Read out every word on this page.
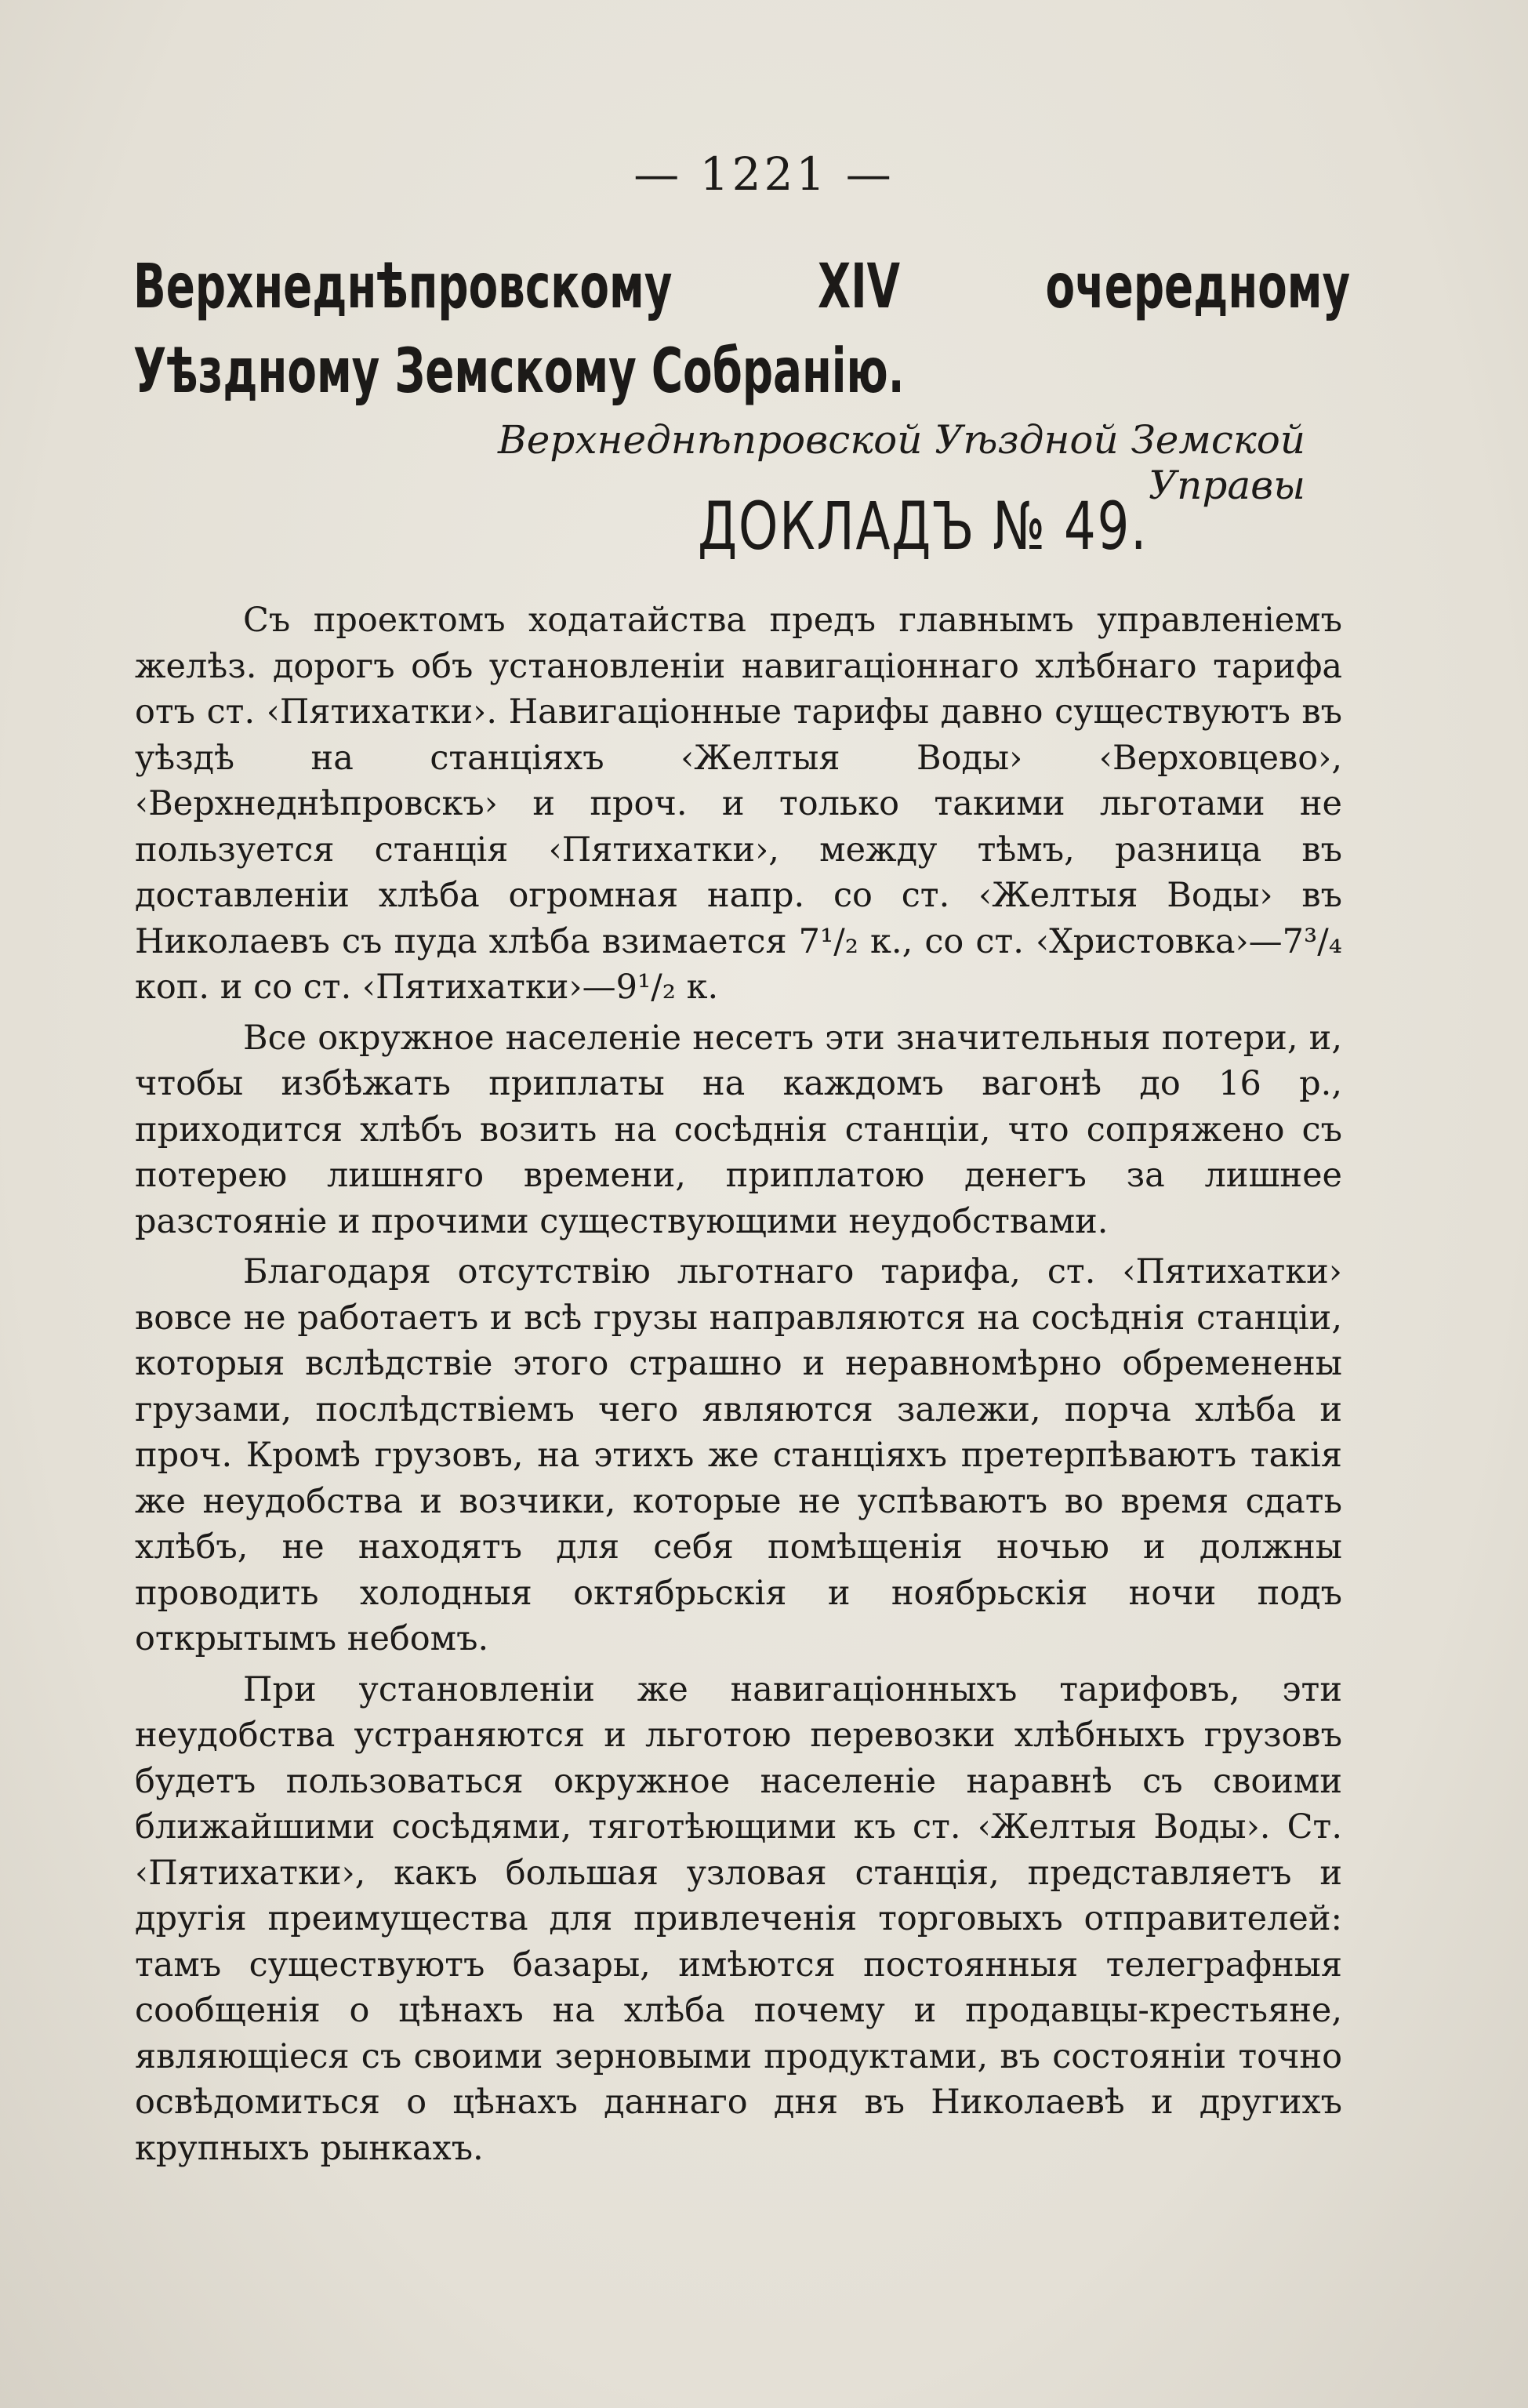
— 1221 —
Верхнеднѣпровскому XIV очередному Уѣздному Земскому Собранію.
Верхнеднѣпровской Уѣздной Земской Управы
ДОКЛАДЪ № 49.

Съ проектомъ ходатайства предъ главнымъ управленіемъ желѣз. дорогъ объ установленіи навигаціоннаго хлѣбнаго тарифа отъ ст. ‹Пятихатки›. Навигаціонные тарифы давно существуютъ въ уѣздѣ на станціяхъ ‹Желтыя Воды› ‹Верховцево›, ‹Верхнеднѣпровскъ› и проч. и только такими льготами не пользуется станція ‹Пятихатки›, между тѣмъ, разница въ доставленіи хлѣба огромная напр. со ст. ‹Желтыя Воды› въ Николаевъ съ пуда хлѣба взимается 7¹/₂ к., со ст. ‹Христовка›—7³/₄ коп. и со ст. ‹Пятихатки›—9¹/₂ к.

Все окружное населеніе несетъ эти значительныя потери, и, чтобы избѣжать приплаты на каждомъ вагонѣ до 16 р., приходится хлѣбъ возить на сосѣднія станціи, что сопряжено съ потерею лишняго времени, приплатою денегъ за лишнее разстояніе и прочими существующими неудобствами.

Благодаря отсутствію льготнаго тарифа, ст. ‹Пятихатки› вовсе не работаетъ и всѣ грузы направляются на сосѣднія станціи, которыя вслѣдствіе этого страшно и неравномѣрно обременены грузами, послѣдствіемъ чего являются залежи, порча хлѣба и проч. Кромѣ грузовъ, на этихъ же станціяхъ претерпѣваютъ такія же неудобства и возчики, которые не успѣваютъ во время сдать хлѣбъ, не находятъ для себя помѣщенія ночью и должны проводить холодныя октябрьскія и ноябрьскія ночи подъ открытымъ небомъ.

При установленіи же навигаціонныхъ тарифовъ, эти неудобства устраняются и льготою перевозки хлѣбныхъ грузовъ будетъ пользоваться окружное населеніе наравнѣ съ своими ближайшими сосѣдями, тяготѣющими къ ст. ‹Желтыя Воды›. Ст. ‹Пятихатки›, какъ большая узловая станція, представляетъ и другія преимущества для привлеченія торговыхъ отправителей: тамъ существуютъ базары, имѣются постоянныя телеграфныя сообщенія о цѣнахъ на хлѣба почему и продавцы-крестьяне, являющіеся съ своими зерновыми продуктами, въ состояніи точно освѣдомиться о цѣнахъ даннаго дня въ Николаевѣ и другихъ крупныхъ рынкахъ.
